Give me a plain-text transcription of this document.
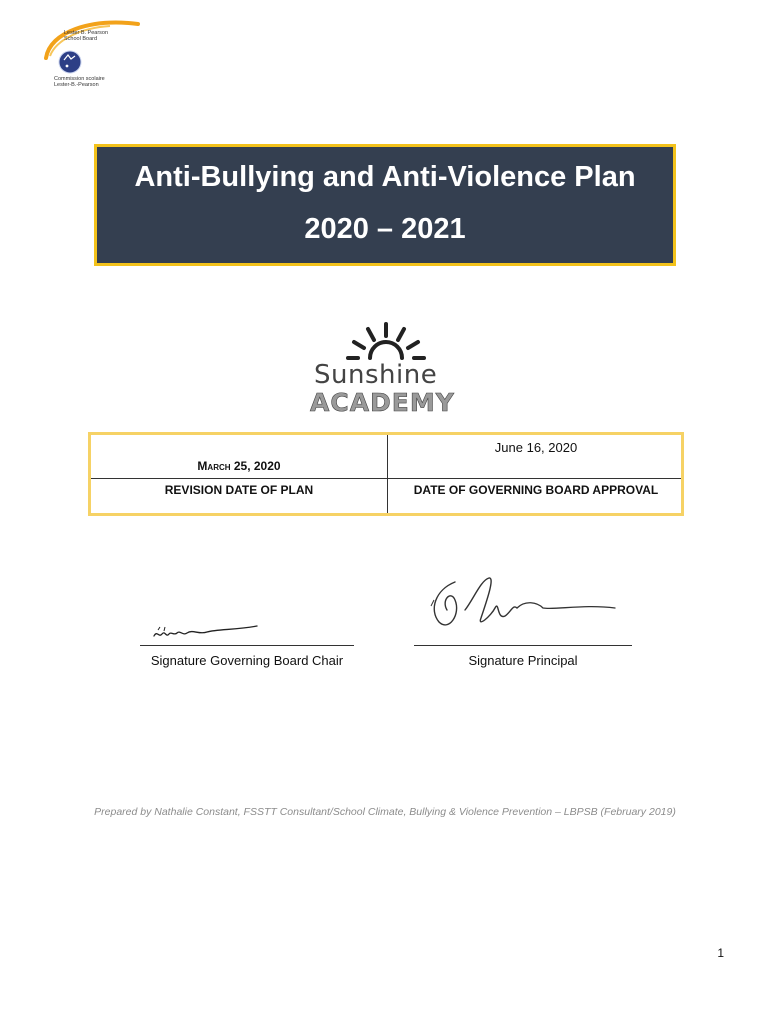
Lester B. Pearson School Board
Commission scolaire Lester-B.-Pearson
Anti-Bullying and Anti-Violence Plan
2020 – 2021
Sunshine
ACADEMY
March 25, 2020
June 16, 2020
REVISION DATE OF PLAN	DATE OF GOVERNING BOARD APPROVAL
Signature Governing Board Chair	Signature Principal
Prepared by Nathalie Constant, FSSTT Consultant/School Climate, Bullying & Violence Prevention – LBPSB (February 2019)
1
